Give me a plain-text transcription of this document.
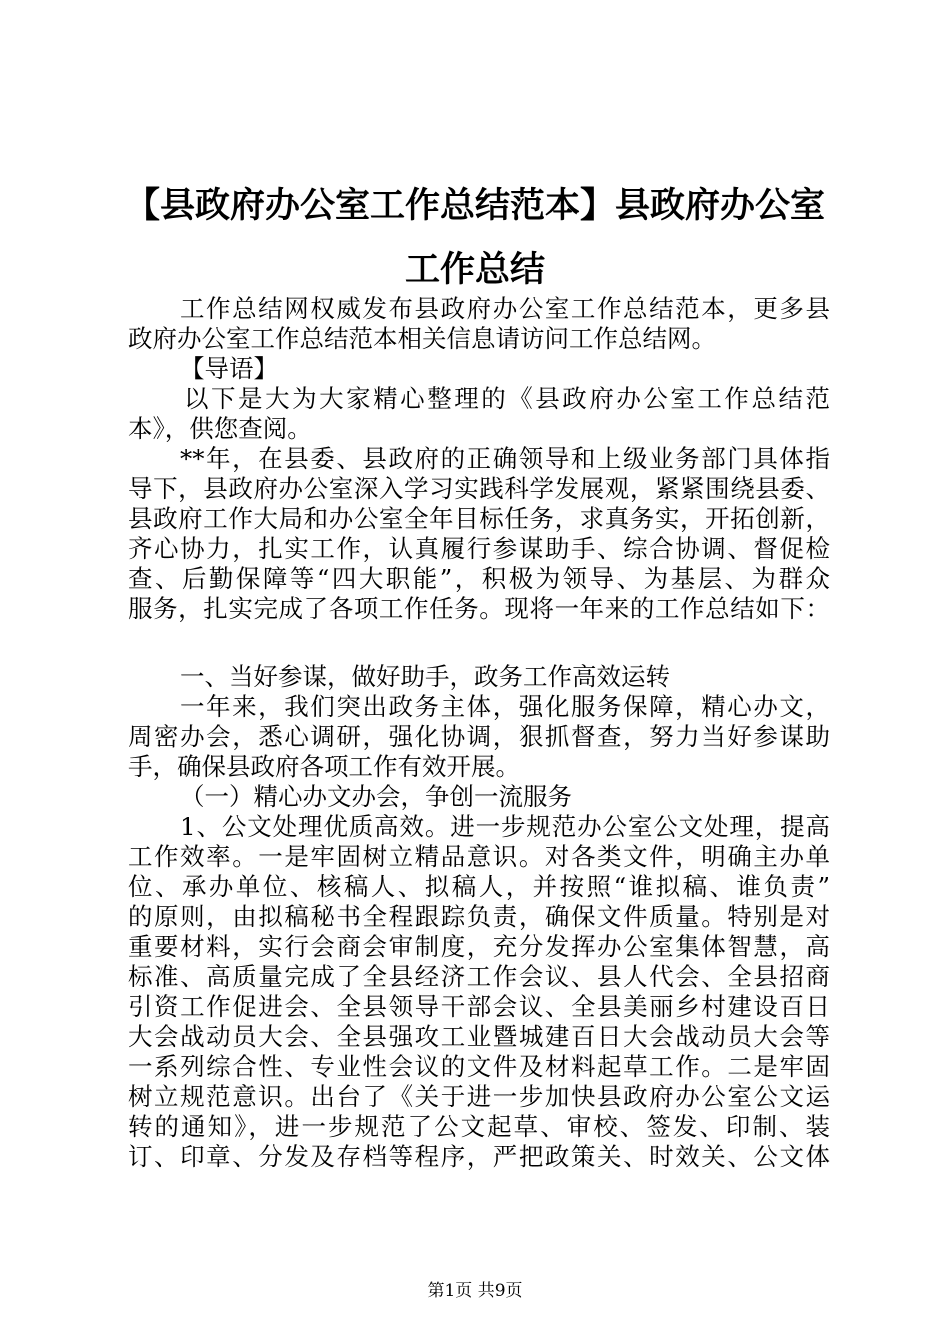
【县政府办公室工作总结范本】县政府办公室
工作总结
工作总结网权威发布县政府办公室工作总结范本，更多县
政府办公室工作总结范本相关信息请访问工作总结网。
【导语】
以下是大为大家精心整理的《县政府办公室工作总结范
本》，供您查阅。
**年，在县委、县政府的正确领导和上级业务部门具体指
导下，县政府办公室深入学习实践科学发展观，紧紧围绕县委、
县政府工作大局和办公室全年目标任务，求真务实，开拓创新，
齐心协力，扎实工作，认真履行参谋助手、综合协调、督促检
查、后勤保障等“四大职能”，积极为领导、为基层、为群众
服务，扎实完成了各项工作任务。现将一年来的工作总结如下：
一、当好参谋，做好助手，政务工作高效运转
一年来，我们突出政务主体，强化服务保障，精心办文，
周密办会，悉心调研，强化协调，狠抓督查，努力当好参谋助
手，确保县政府各项工作有效开展。
（一）精心办文办会，争创一流服务
1、公文处理优质高效。进一步规范办公室公文处理，提高
工作效率。一是牢固树立精品意识。对各类文件，明确主办单
位、承办单位、核稿人、拟稿人，并按照“谁拟稿、谁负责”
的原则，由拟稿秘书全程跟踪负责，确保文件质量。特别是对
重要材料，实行会商会审制度，充分发挥办公室集体智慧，高
标准、高质量完成了全县经济工作会议、县人代会、全县招商
引资工作促进会、全县领导干部会议、全县美丽乡村建设百日
大会战动员大会、全县强攻工业暨城建百日大会战动员大会等
一系列综合性、专业性会议的文件及材料起草工作。二是牢固
树立规范意识。出台了《关于进一步加快县政府办公室公文运
转的通知》，进一步规范了公文起草、审校、签发、印制、装
订、印章、分发及存档等程序，严把政策关、时效关、公文体
第1页 共9页
